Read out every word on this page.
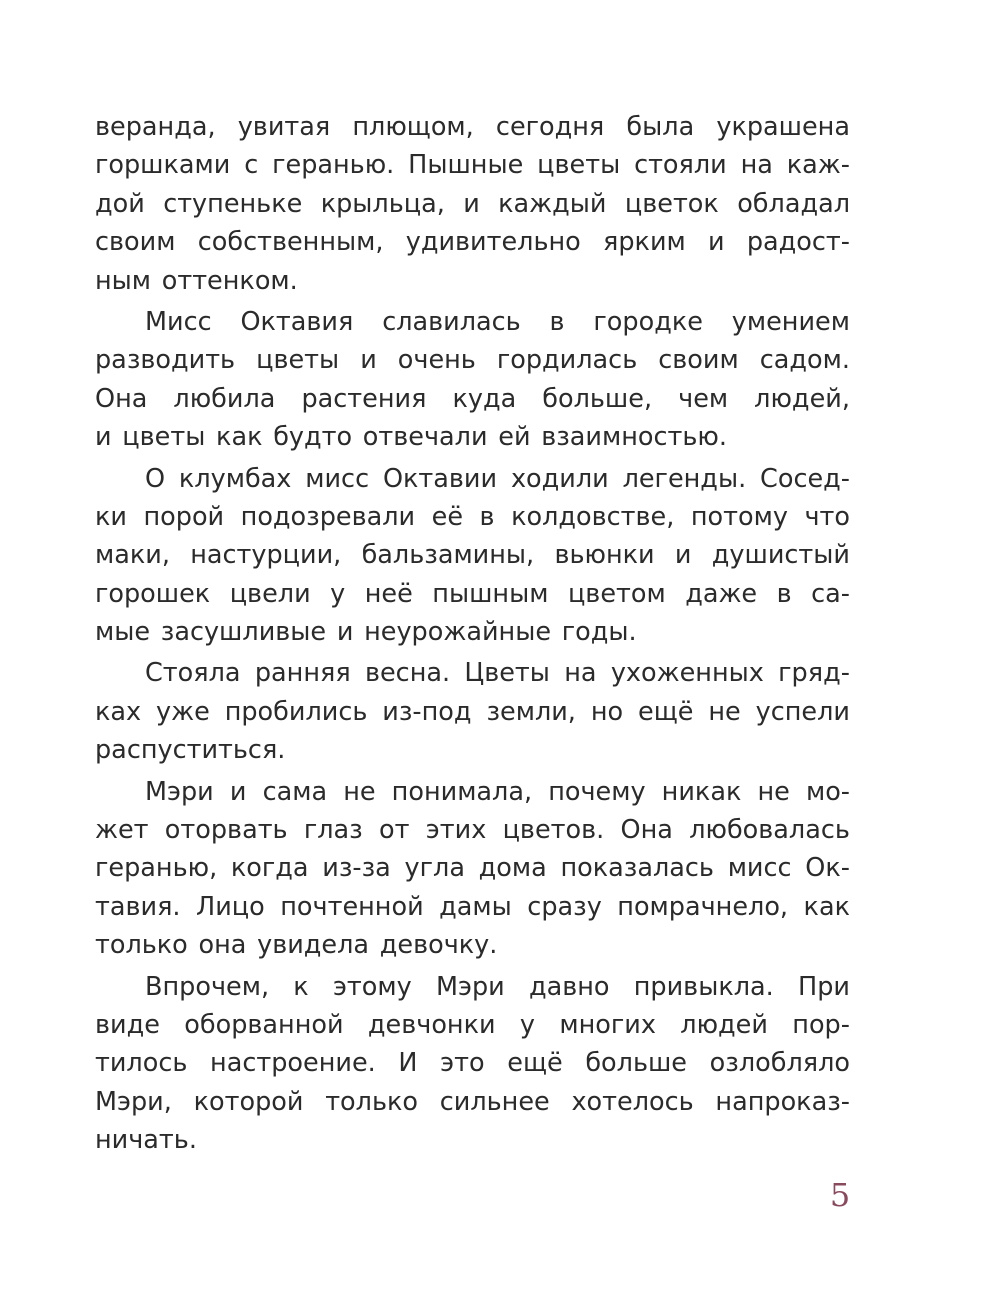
веранда, увитая плющом, сегодня была украшена
горшками с геранью. Пышные цветы стояли на каж-
дой ступеньке крыльца, и каждый цветок обладал
своим собственным, удивительно ярким и радост-
ным оттенком.
Мисс Октавия славилась в городке умением
разводить цветы и очень гордилась своим садом.
Она любила растения куда больше, чем людей,
и цветы как будто отвечали ей взаимностью.
О клумбах мисс Октавии ходили легенды. Сосед-
ки порой подозревали её в колдовстве, потому что
маки, настурции, бальзамины, вьюнки и душистый
горошек цвели у неё пышным цветом даже в са-
мые засушливые и неурожайные годы.
Стояла ранняя весна. Цветы на ухоженных гряд-
ках уже пробились из-под земли, но ещё не успели
распуститься.
Мэри и сама не понимала, почему никак не мо-
жет оторвать глаз от этих цветов. Она любовалась
геранью, когда из-за угла дома показалась мисс Ок-
тавия. Лицо почтенной дамы сразу помрачнело, как
только она увидела девочку.
Впрочем, к этому Мэри давно привыкла. При
виде оборванной девчонки у многих людей пор-
тилось настроение. И это ещё больше озлобляло
Мэри, которой только сильнее хотелось напроказ-
ничать.
5
